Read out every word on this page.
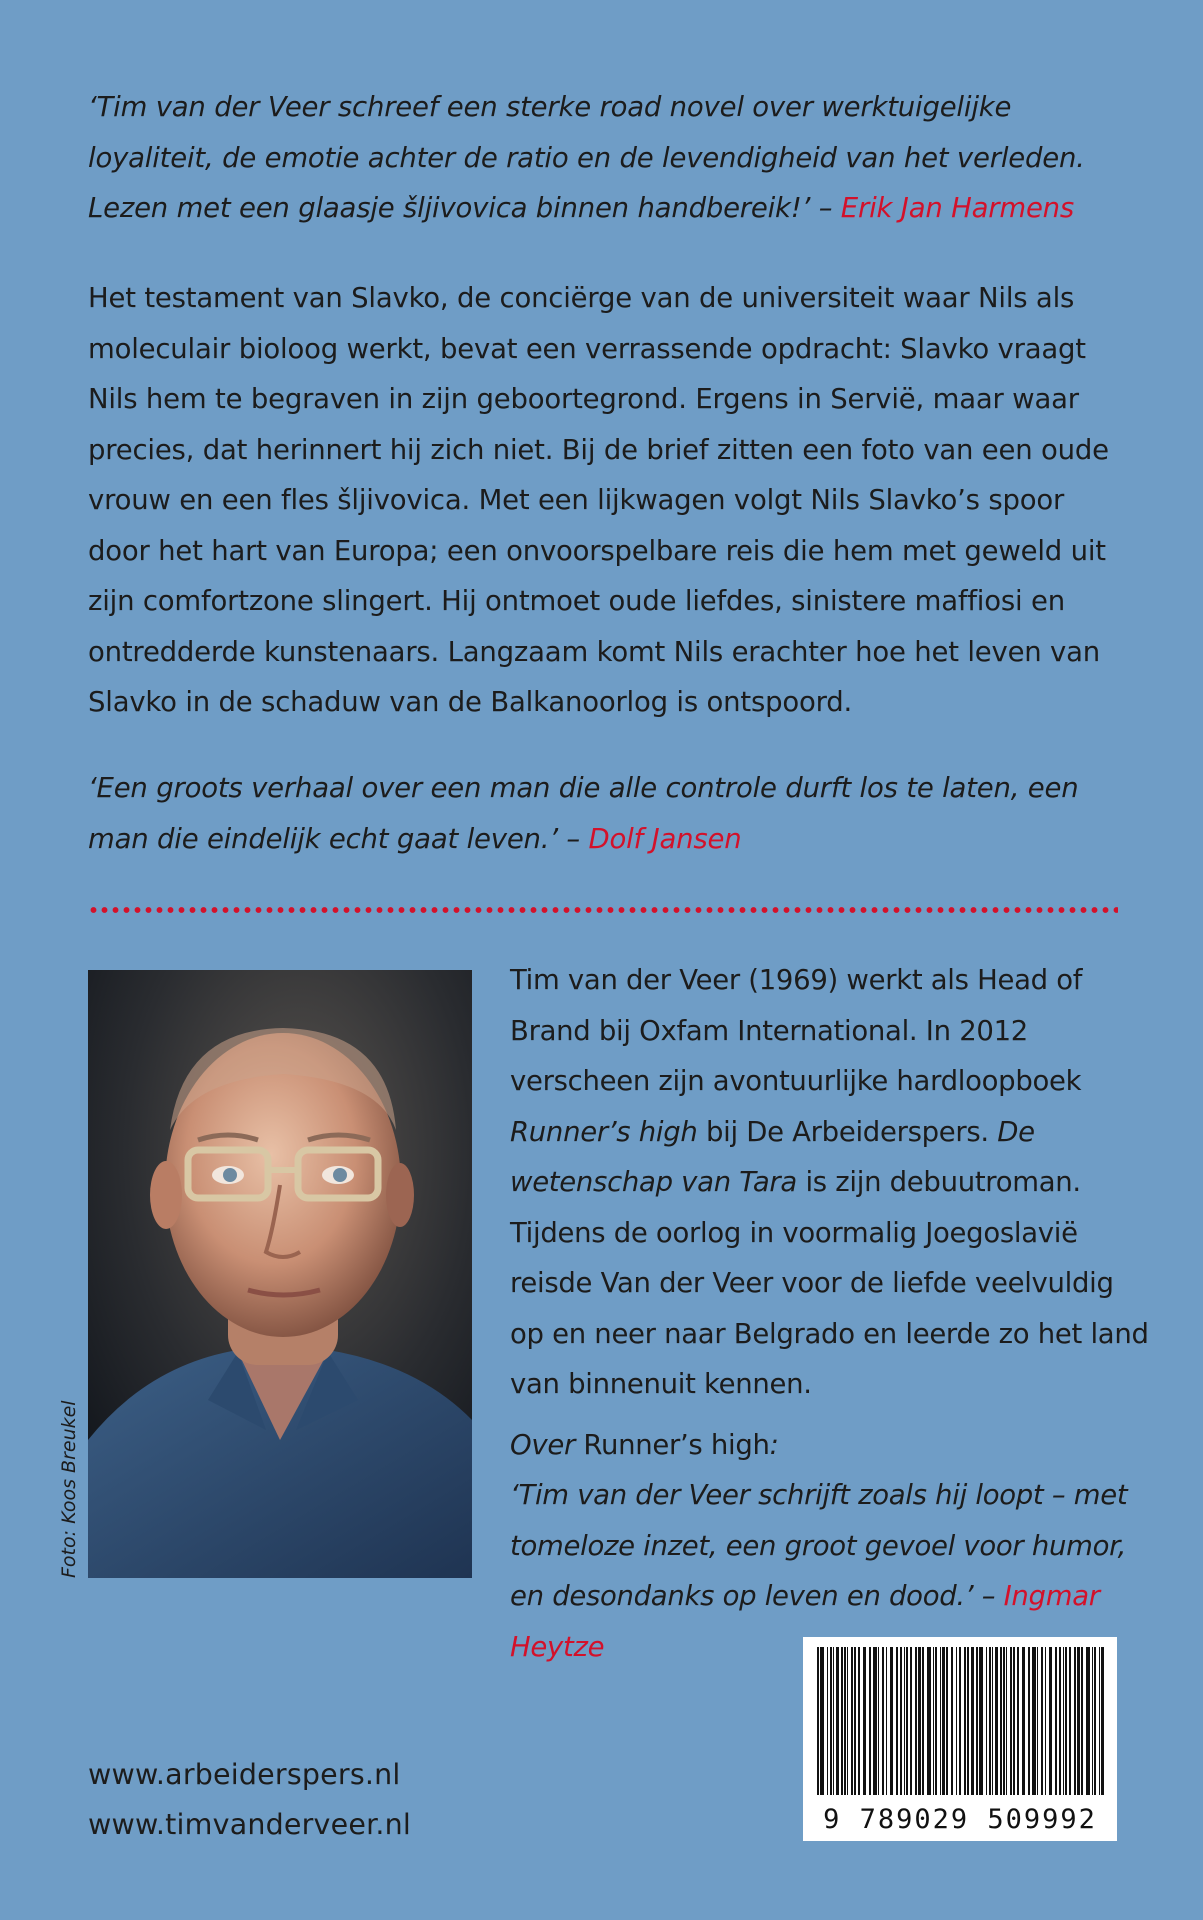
‘Tim van der Veer schreef een sterke road novel over werktuigelijke loyaliteit, de emotie achter de ratio en de levendigheid van het verleden. Lezen met een glaasje šljivovica binnen handbereik!’ – Erik Jan Harmens

Het testament van Slavko, de conciërge van de universiteit waar Nils als moleculair bioloog werkt, bevat een verrassende opdracht: Slavko vraagt Nils hem te begraven in zijn geboortegrond. Ergens in Servië, maar waar precies, dat herinnert hij zich niet. Bij de brief zitten een foto van een oude vrouw en een fles šljivovica. Met een lijkwagen volgt Nils Slavko’s spoor door het hart van Europa; een onvoorspelbare reis die hem met geweld uit zijn comfortzone slingert. Hij ontmoet oude liefdes, sinistere maffiosi en ontredderde kunstenaars. Langzaam komt Nils erachter hoe het leven van Slavko in de schaduw van de Balkanoorlog is ontspoord.

‘Een groots verhaal over een man die alle controle durft los te laten, een man die eindelijk echt gaat leven.’ – Dolf Jansen

Foto: Koos Breukel

Tim van der Veer (1969) werkt als Head of Brand bij Oxfam International. In 2012 verscheen zijn avontuurlijke hardloopboek Runner’s high bij De Arbeiderspers. De wetenschap van Tara is zijn debuutroman. Tijdens de oorlog in voormalig Joegoslavië reisde Van der Veer voor de liefde veelvuldig op en neer naar Belgrado en leerde zo het land van binnenuit kennen.

Over Runner’s high:
‘Tim van der Veer schrijft zoals hij loopt – met tomeloze inzet, een groot gevoel voor humor, en desondanks op leven en dood.’ – Ingmar Heytze

www.arbeiderspers.nl
www.timvanderveer.nl	9 789029 509992
